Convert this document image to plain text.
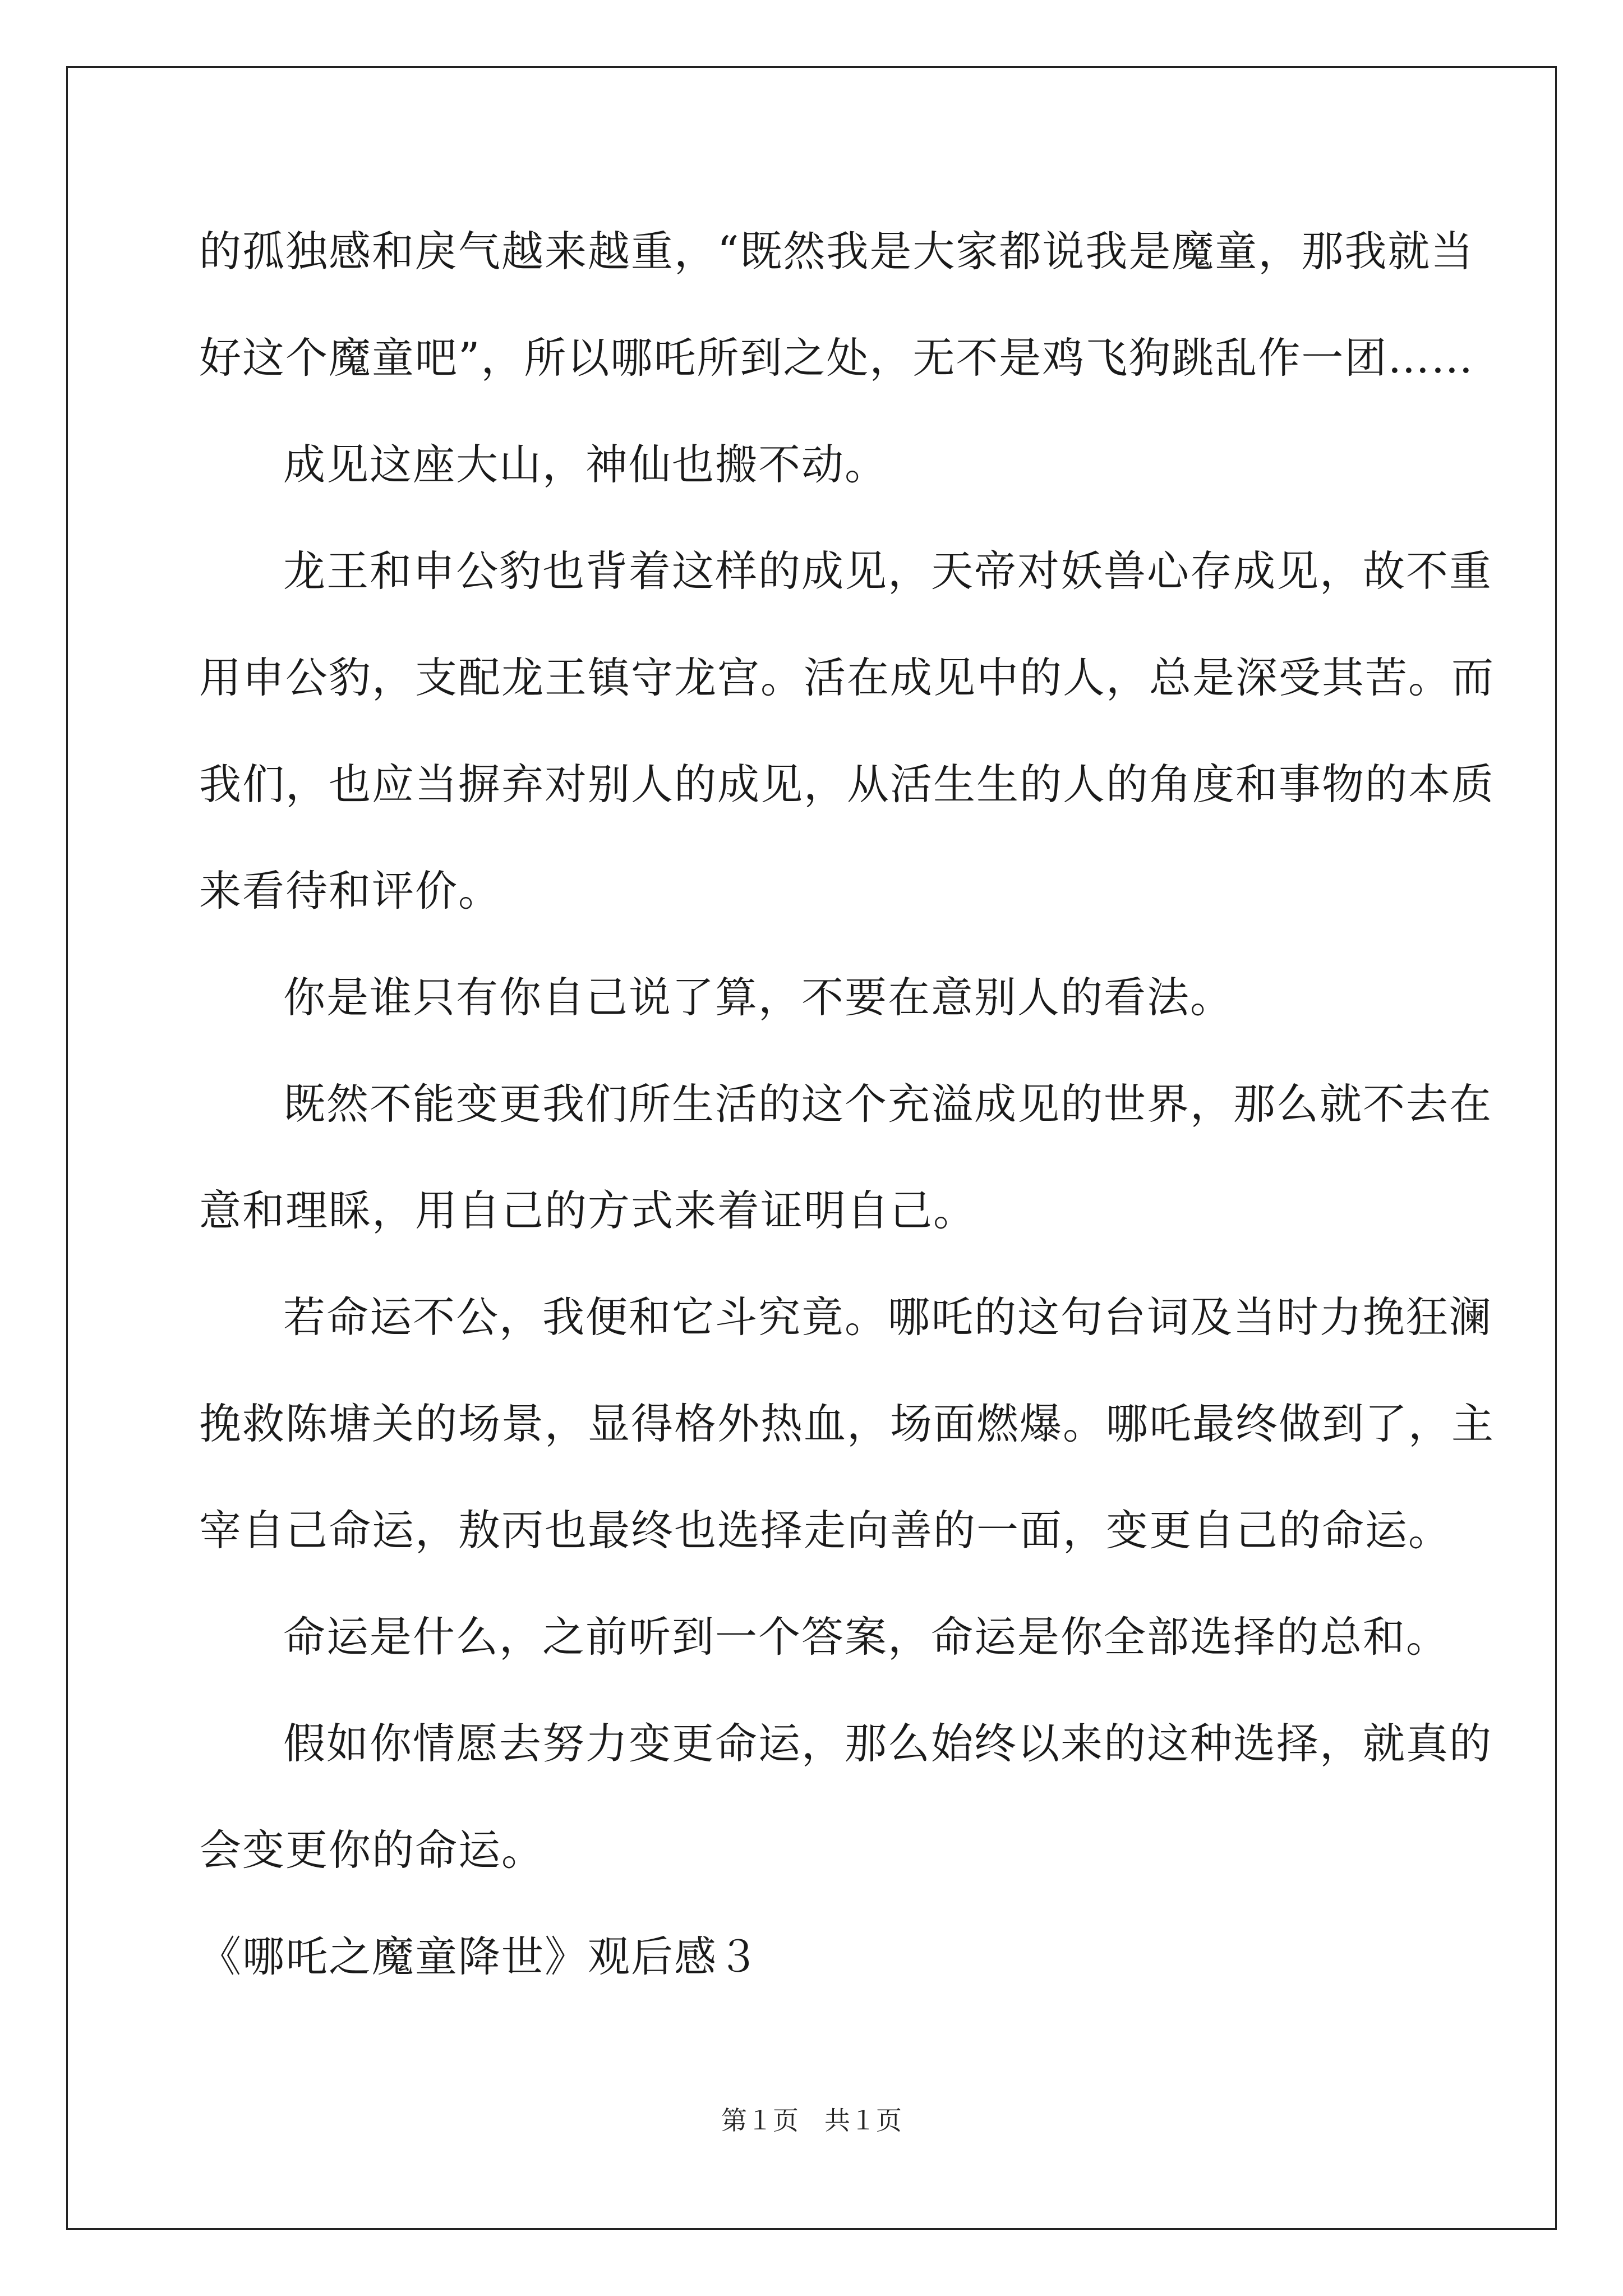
的孤独感和戾气越来越重，“既然我是大家都说我是魔童，那我就当
好这个魔童吧”，所以哪吒所到之处，无不是鸡飞狗跳乱作一团……
成见这座大山，神仙也搬不动。
龙王和申公豹也背着这样的成见，天帝对妖兽心存成见，故不重
用申公豹，支配龙王镇守龙宫。活在成见中的人，总是深受其苦。而
我们，也应当摒弃对别人的成见，从活生生的人的角度和事物的本质
来看待和评价。
你是谁只有你自己说了算，不要在意别人的看法。
既然不能变更我们所生活的这个充溢成见的世界，那么就不去在
意和理睬，用自己的方式来着证明自己。
若命运不公，我便和它斗究竟。哪吒的这句台词及当时力挽狂澜
挽救陈塘关的场景，显得格外热血，场面燃爆。哪吒最终做到了，主
宰自己命运，敖丙也最终也选择走向善的一面，变更自己的命运。
命运是什么，之前听到一个答案，命运是你全部选择的总和。
假如你情愿去努力变更命运，那么始终以来的这种选择，就真的
会变更你的命运。
《哪吒之魔童降世》观后感３
第１页　共１页
